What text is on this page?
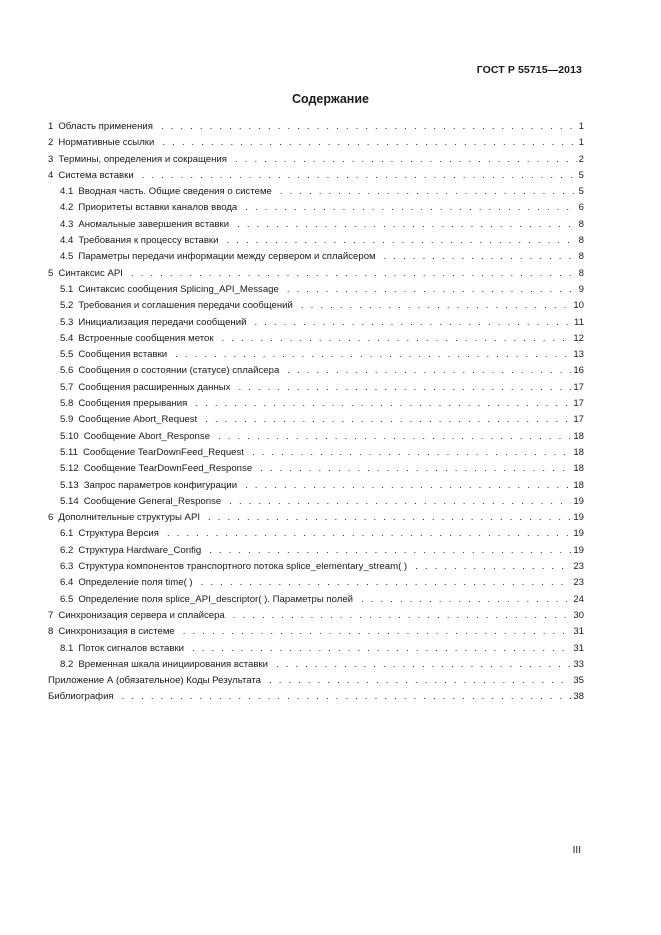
ГОСТ Р 55715—2013
Содержание
1 Область применения . . .	1
2 Нормативные ссылки . . .	1
3 Термины, определения и сокращения . . .	2
4 Система вставки . . .	5
4.1 Вводная часть. Общие сведения о системе . . .	5
4.2 Приоритеты вставки каналов ввода . . .	6
4.3 Аномальные завершения вставки . . .	8
4.4 Требования к процессу вставки . . .	8
4.5 Параметры передачи информации между сервером и сплайсером . . .	8
5 Синтаксис API . . .	8
5.1 Синтаксис сообщения Splicing_API_Message . . .	9
5.2 Требования и соглашения передачи сообщений . . .	10
5.3 Инициализация передачи сообщений . . .	11
5.4 Встроенные сообщения меток . . .	12
5.5 Сообщения вставки . . .	13
5.6 Сообщения о состоянии (статусе) сплайсера . . .	16
5.7 Сообщения расширенных данных . . .	17
5.8 Сообщения прерывания . . .	17
5.9 Сообщение Abort_Request . . .	17
5.10 Сообщение Abort_Response . . .	18
5.11 Сообщение TearDownFeed_Request . . .	18
5.12 Сообщение TearDownFeed_Response . . .	18
5.13 Запрос параметров конфигурации . . .	18
5.14 Сообщение General_Response . . .	19
6 Дополнительные структуры API . . .	19
6.1 Структура Версия . . .	19
6.2 Структура Hardware_Config . . .	19
6.3 Структура компонентов транспортного потока splice_elementary_stream( ) . . .	23
6.4 Определение поля time( ) . . .	23
6.5 Определение поля splice_API_descriptor( ). Параметры полей . . .	24
7 Синхронизация сервера и сплайсера . . .	30
8 Синхронизация в системе . . .	31
8.1 Поток сигналов вставки . . .	31
8.2 Временная шкала инициирования вставки . . .	33
Приложение А (обязательное) Коды Результата . . .	35
Библиография . . .	38
III
